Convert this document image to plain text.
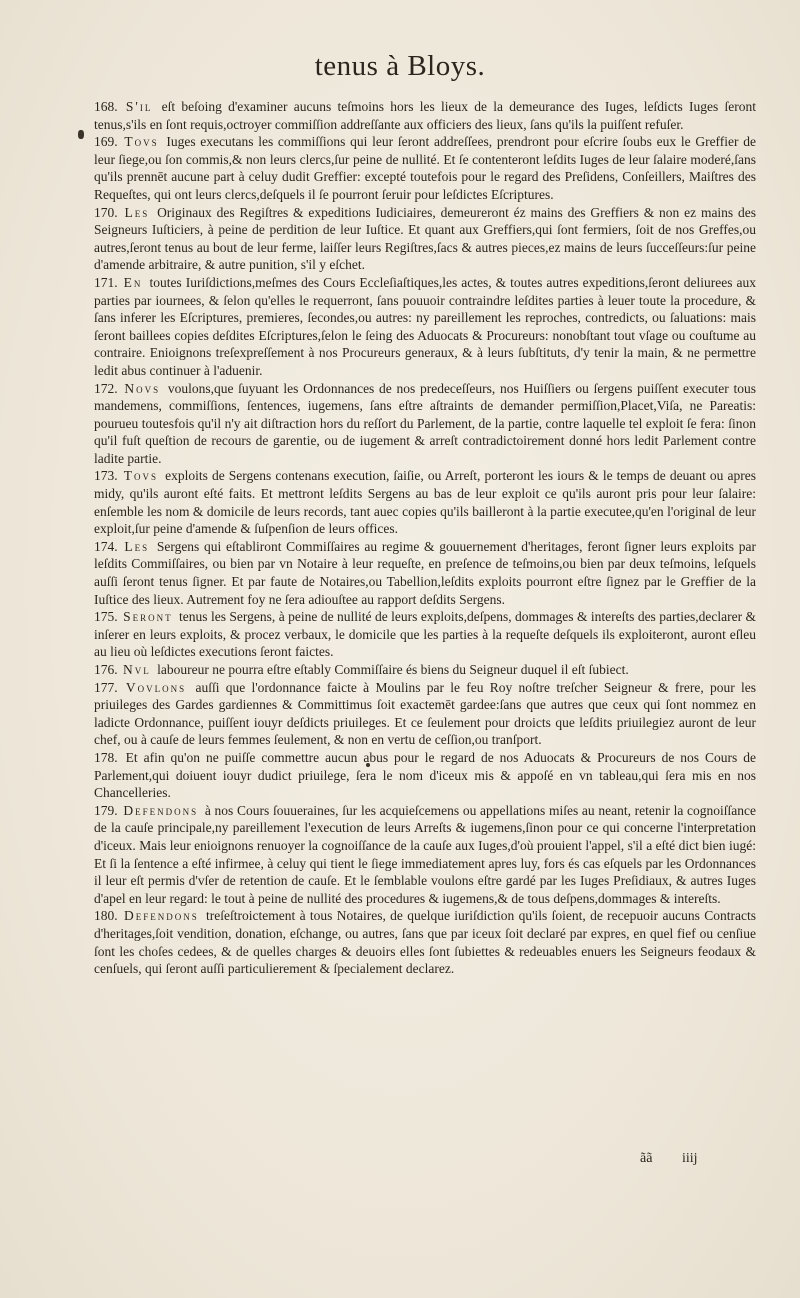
tenus à Bloys.

168. S'il eſt beſoing d'examiner aucuns teſmoins hors les lieux de la demeurance des Iuges, leſdicts Iuges ſeront tenus,s'ils en ſont requis,octroyer commiſſion addreſſante aux officiers des lieux, ſans qu'ils la puiſſent refuſer.

169. Tovs Iuges executans les commiſſions qui leur ſeront addreſſees, prendront pour eſcrire ſoubs eux le Greffier de leur ſiege,ou ſon commis,& non leurs clercs,ſur peine de nullité. Et ſe contenteront leſdits Iuges de leur ſalaire moderé,ſans qu'ils prennēt aucune part à celuy dudit Greffier: excepté toutefois pour le regard des Preſidens, Conſeillers, Maiſtres des Requeſtes, qui ont leurs clercs,deſquels il ſe pourront ſeruir pour leſdictes Eſcriptures.

170. Les Originaux des Regiſtres & expeditions Iudiciaires, demeureront éz mains des Greffiers & non ez mains des Seigneurs Iuſticiers, à peine de perdition de leur Iuſtice. Et quant aux Greffiers,qui ſont fermiers, ſoit de nos Greffes,ou autres,ſeront tenus au bout de leur ferme, laiſſer leurs Regiſtres,ſacs & autres pieces,ez mains de leurs ſucceſſeurs:ſur peine d'amende arbitraire, & autre punition, s'il y eſchet.

171. En toutes Iuriſdictions,meſmes des Cours Eccleſiaſtiques,les actes, & toutes autres expeditions,ſeront deliurees aux parties par iournees, & ſelon qu'elles le requerront, ſans pouuoir contraindre leſdites parties à leuer toute la procedure, & ſans inferer les Eſcriptures, premieres, ſecondes,ou autres: ny pareillement les reproches, contredicts, ou ſaluations: mais ſeront baillees copies deſdites Eſcriptures,ſelon le ſeing des Aduocats & Procureurs: nonobſtant tout vſage ou couſtume au contraire. Enioignons treſexpreſſement à nos Procureurs generaux, & à leurs ſubſtituts, d'y tenir la main, & ne permettre ledit abus continuer à l'aduenir.

172. Novs voulons,que ſuyuant les Ordonnances de nos predeceſſeurs, nos Huiſſiers ou ſergens puiſſent executer tous mandemens, commiſſions, ſentences, iugemens, ſans eſtre aſtraints de demander permiſſion,Placet,Viſa, ne Pareatis: pourueu toutesfois qu'il n'y ait diſtraction hors du reſſort du Parlement, de la partie, contre laquelle tel exploit ſe fera: ſinon qu'il fuſt queſtion de recours de garentie, ou de iugement & arreſt contradictoirement donné hors ledit Parlement contre ladite partie.

173. Tovs exploits de Sergens contenans execution, ſaiſie, ou Arreſt, porteront les iours & le temps de deuant ou apres midy, qu'ils auront eſté faits. Et mettront leſdits Sergens au bas de leur exploit ce qu'ils auront pris pour leur ſalaire: enſemble les nom & domicile de leurs records, tant auec copies qu'ils bailleront à la partie executee,qu'en l'original de leur exploit,ſur peine d'amende & ſuſpenſion de leurs offices.

174. Les Sergens qui eſtabliront Commiſſaires au regime & gouuernement d'heritages, feront ſigner leurs exploits par leſdits Commiſſaires, ou bien par vn Notaire à leur requeſte, en preſence de teſmoins,ou bien par deux teſmoins, leſquels auſſi ſeront tenus ſigner. Et par faute de Notaires,ou Tabellion,leſdits exploits pourront eſtre ſignez par le Greffier de la Iuſtice des lieux. Autrement foy ne ſera adiouſtee au rapport deſdits Sergens.

175. Seront tenus les Sergens, à peine de nullité de leurs exploits,deſpens, dommages & intereſts des parties,declarer & inſerer en leurs exploits, & procez verbaux, le domicile que les parties à la requeſte deſquels ils exploiteront, auront eſleu au lieu où leſdictes executions ſeront faictes.

176. Nvl laboureur ne pourra eſtre eſtably Commiſſaire és biens du Seigneur duquel il eſt ſubiect.

177. Vovlons auſſi que l'ordonnance faicte à Moulins par le feu Roy noſtre treſcher Seigneur & frere, pour les priuileges des Gardes gardiennes & Committimus ſoit exactemēt gardee:ſans que autres que ceux qui ſont nommez en ladicte Ordonnance, puiſſent iouyr deſdicts priuileges. Et ce ſeulement pour droicts que leſdits priuilegiez auront de leur chef, ou à cauſe de leurs femmes ſeulement, & non en vertu de ceſſion,ou tranſport.

178. Et afin qu'on ne puiſſe commettre aucun abus pour le regard de nos Aduocats & Procureurs de nos Cours de Parlement,qui doiuent iouyr dudict priuilege, ſera le nom d'iceux mis & appoſé en vn tableau,qui ſera mis en nos Chancelleries.

179. Defendons à nos Cours ſouueraines, ſur les acquieſcemens ou appellations miſes au neant, retenir la cognoiſſance de la cauſe principale,ny pareillement l'execution de leurs Arreſts & iugemens,ſinon pour ce qui concerne l'interpretation d'iceux. Mais leur enioignons renuoyer la cognoiſſance de la cauſe aux Iuges,d'où prouient l'appel, s'il a eſté dict bien iugé: Et ſi la ſentence a eſté infirmee, à celuy qui tient le ſiege immediatement apres luy, fors és cas eſquels par les Ordonnances il leur eſt permis d'vſer de retention de cauſe. Et le ſemblable voulons eſtre gardé par les Iuges Preſidiaux, & autres Iuges d'apel en leur regard: le tout à peine de nullité des procedures & iugemens,& de tous deſpens,dommages & intereſts.

180. Defendons treſeſtroictement à tous Notaires, de quelque iuriſdiction qu'ils ſoient, de recepuoir aucuns Contracts d'heritages,ſoit vendition, donation, eſchange, ou autres, ſans que par iceux ſoit declaré par expres, en quel fief ou cenſiue ſont les choſes cedees, & de quelles charges & deuoirs elles ſont ſubiettes & redeuables enuers les Seigneurs feodaux & cenſuels, qui ſeront auſſi particulierement & ſpecialement declarez.

ãã iiij
